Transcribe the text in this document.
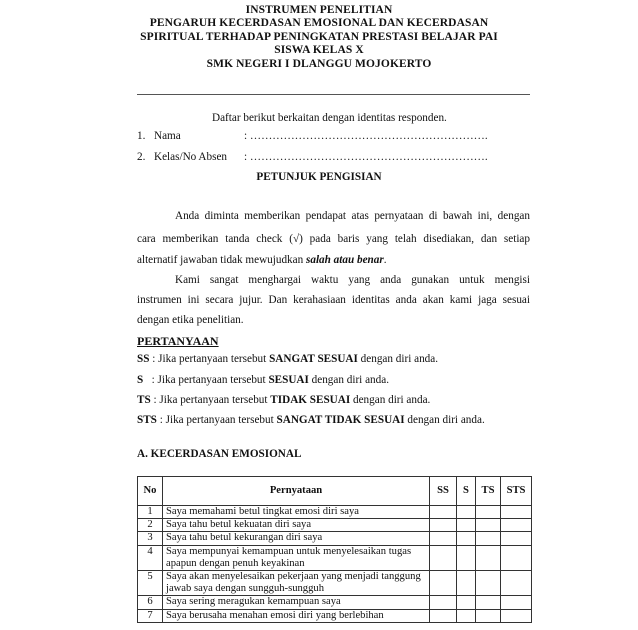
INSTRUMEN PENELITIAN
PENGARUH KECERDASAN EMOSIONAL DAN KECERDASAN
SPIRITUAL TERHADAP PENINGKATAN PRESTASI BELAJAR PAI
SISWA KELAS X
SMK NEGERI I DLANGGU MOJOKERTO
Daftar berikut berkaitan dengan identitas responden.
1. Nama	: ……………………………………………………….
2. Kelas/No Absen : ……………………………………………………….
PETUNJUK PENGISIAN
Anda diminta memberikan pendapat atas pernyataan di bawah ini, dengan
cara memberikan tanda check (√) pada baris yang telah disediakan, dan setiap
alternatif jawaban tidak mewujudkan salah atau benar.
Kami sangat menghargai waktu yang anda gunakan untuk mengisi
instrumen ini secara jujur. Dan kerahasiaan identitas anda akan kami jaga sesuai
dengan etika penelitian.
PERTANYAAN
SS : Jika pertanyaan tersebut SANGAT SESUAI dengan diri anda.
S   : Jika pertanyaan tersebut SESUAI dengan diri anda.
TS : Jika pertanyaan tersebut TIDAK SESUAI dengan diri anda.
STS : Jika pertanyaan tersebut SANGAT TIDAK SESUAI dengan diri anda.
A. KECERDASAN EMOSIONAL
No	Pernyataan	SS	S	TS	STS
1	Saya memahami betul tingkat emosi diri saya				
2	Saya tahu betul kekuatan diri saya				
3	Saya tahu betul kekurangan diri saya				
4	Saya mempunyai kemampuan untuk menyelesaikan tugas apapun dengan penuh keyakinan				
5	Saya akan menyelesaikan pekerjaan yang menjadi tanggung jawab saya dengan sungguh-sungguh				
6	Saya sering meragukan kemampuan saya				
7	Saya berusaha menahan emosi diri yang berlebihan				
